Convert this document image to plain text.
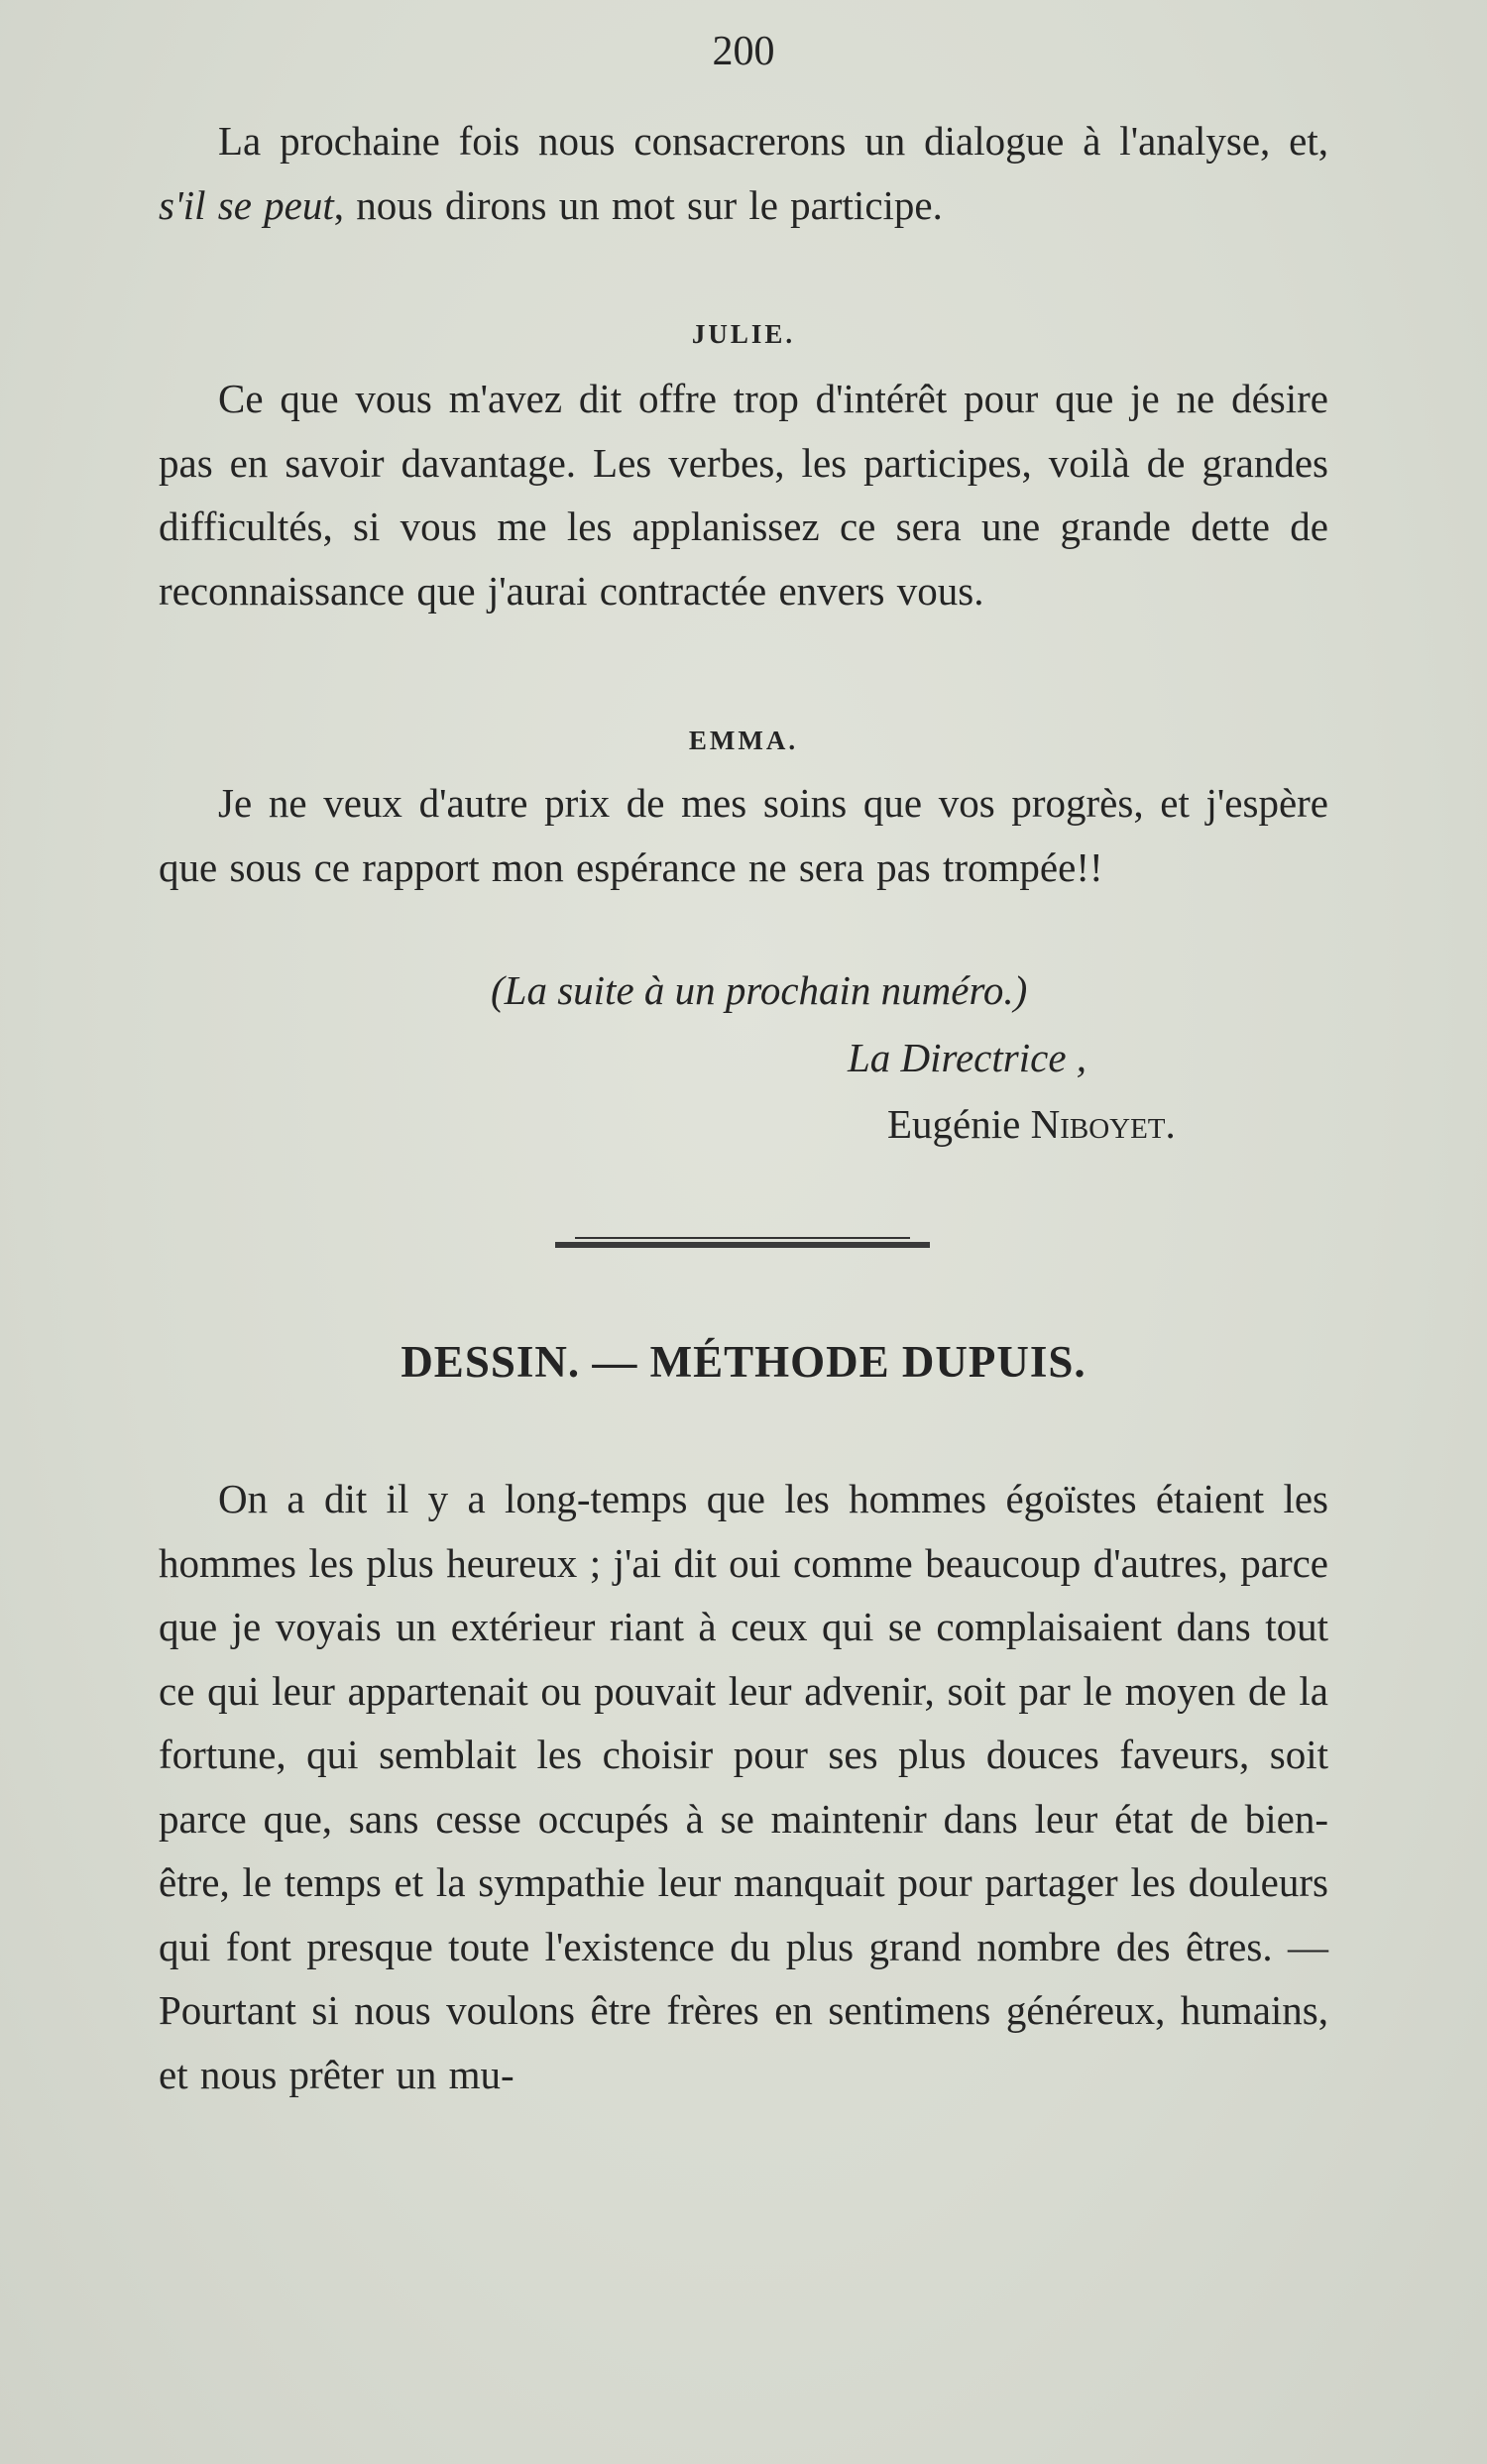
200

La prochaine fois nous consacrerons un dialogue à l'analyse, et, s'il se peut, nous dirons un mot sur le participe.

JULIE.

Ce que vous m'avez dit offre trop d'intérêt pour que je ne désire pas en savoir davantage. Les verbes, les participes, voilà de grandes difficultés, si vous me les applanissez ce sera une grande dette de reconnaissance que j'aurai contractée envers vous.

EMMA.

Je ne veux d'autre prix de mes soins que vos progrès, et j'espère que sous ce rapport mon espérance ne sera pas trompée!!

(La suite à un prochain numéro.)
La Directrice ,
Eugénie Niboyet.
DESSIN. — MÉTHODE DUPUIS.

On a dit il y a long-temps que les hommes égoïstes étaient les hommes les plus heureux ; j'ai dit oui comme beaucoup d'autres, parce que je voyais un extérieur riant à ceux qui se complaisaient dans tout ce qui leur appartenait ou pouvait leur advenir, soit par le moyen de la fortune, qui semblait les choisir pour ses plus douces faveurs, soit parce que, sans cesse occupés à se maintenir dans leur état de bien-être, le temps et la sympathie leur manquait pour partager les douleurs qui font presque toute l'existence du plus grand nombre des êtres. — Pourtant si nous voulons être frères en sentimens généreux, humains, et nous prêter un mu-
